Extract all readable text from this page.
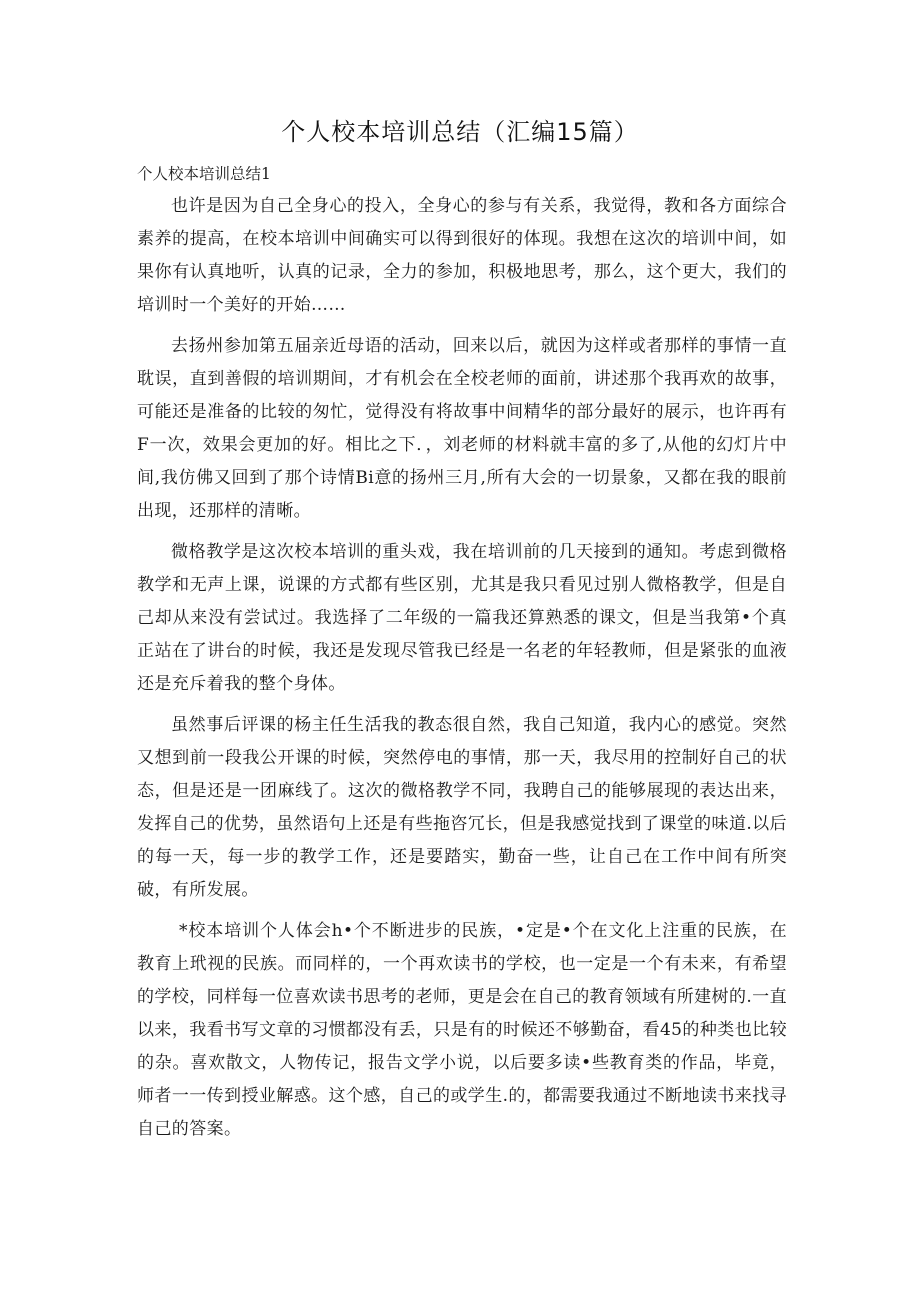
个人校本培训总结（汇编15篇）
个人校本培训总结1

也许是因为自己全身心的投入，全身心的参与有关系，我觉得，教和各方面综合素养的提高，在校本培训中间确实可以得到很好的体现。我想在这次的培训中间，如果你有认真地听，认真的记录，全力的参加，积极地思考，那么，这个更大，我们的培训时一个美好的开始……

去扬州参加第五届亲近母语的活动，回来以后，就因为这样或者那样的事情一直耽误，直到善假的培训期间，才有机会在全校老师的面前，讲述那个我再欢的故事，可能还是准备的比较的匆忙，觉得没有将故事中间精华的部分最好的展示，也许再有F一次，效果会更加的好。相比之下．，刘老师的材料就丰富的多了,从他的幻灯片中间,我仿佛又回到了那个诗情Bi意的扬州三月,所有大会的一切景象，又都在我的眼前出现，还那样的清晰。

微格教学是这次校本培训的重头戏，我在培训前的几天接到的通知。考虑到微格教学和无声上课，说课的方式都有些区别，尤其是我只看见过别人微格教学，但是自己却从来没有尝试过。我选择了二年级的一篇我还算熟悉的课文，但是当我第•个真正站在了讲台的时候，我还是发现尽管我已经是一名老的年轻教师，但是紧张的血液还是充斥着我的整个身体。

虽然事后评课的杨主任生活我的教态很自然，我自己知道，我内心的感觉。突然又想到前一段我公开课的时候，突然停电的事情，那一天，我尽用的控制好自己的状态，但是还是一团麻线了。这次的微格教学不同，我聘自己的能够展现的表达出来，发挥自己的优势，虽然语句上还是有些拖咨冗长，但是我感觉找到了课堂的味道.以后的每一天，每一步的教学工作，还是要踏实，勤奋一些，让自己在工作中间有所突破，有所发展。

*校本培训个人体会h•个不断进步的民族，•定是•个在文化上注重的民族，在教育上玳视的民族。而同样的，一个再欢读书的学校，也一定是一个有未来，有希望的学校，同样每一位喜欢读书思考的老师，更是会在自己的教育领域有所建树的.一直以来，我看书写文章的习惯都没有丢，只是有的时候还不够勤奋，看45的种类也比较的杂。喜欢散文，人物传记，报告文学小说，以后要多读•些教育类的作品，毕竟，师者一一传到授业解惑。这个感，自己的或学生.的，都需要我通过不断地读书来找寻自己的答案。
